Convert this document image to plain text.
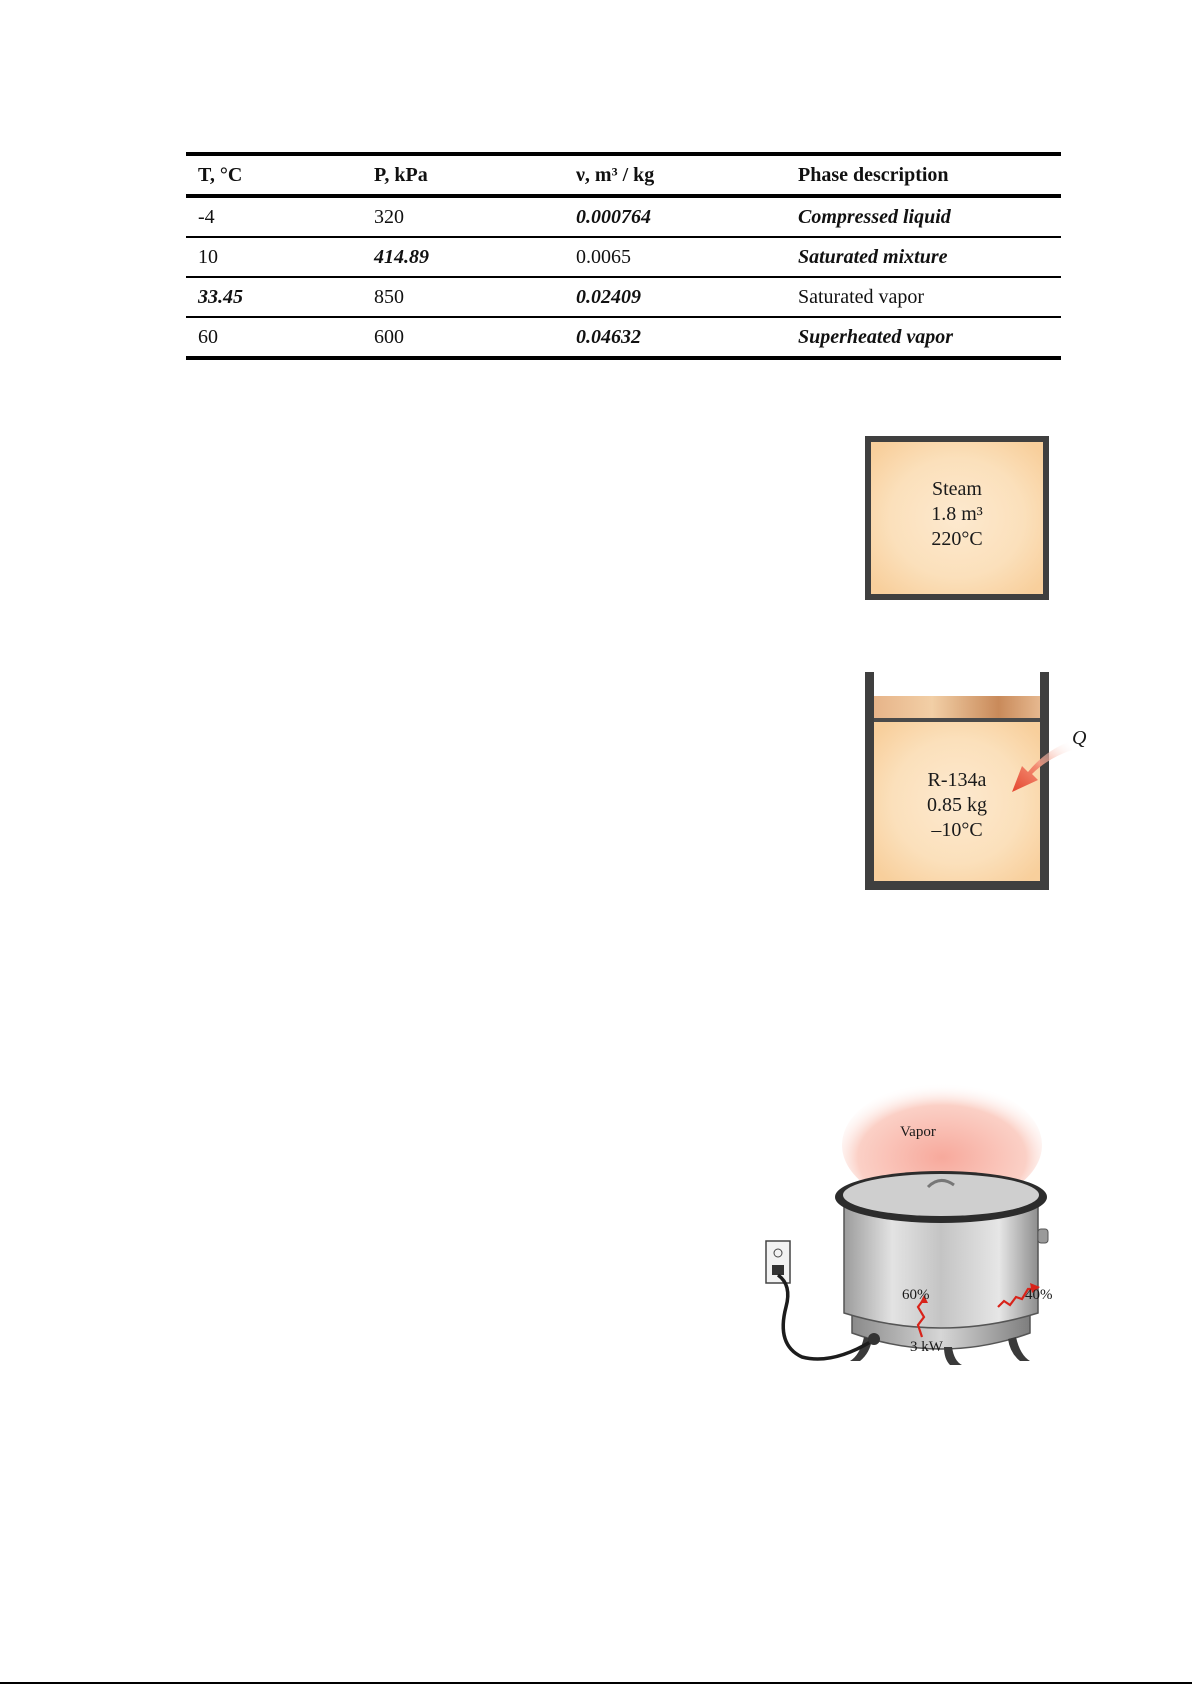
T, °C	P, kPa	ν, m³ / kg	Phase description
-4	320	0.000764	Compressed liquid
10	414.89	0.0065	Saturated mixture
33.45	850	0.02409	Saturated vapor
60	600	0.04632	Superheated vapor
Steam
1.8 m³
220°C
R-134a
0.85 kg
–10°C
Q
Vapor
60%	40%
3 kW
